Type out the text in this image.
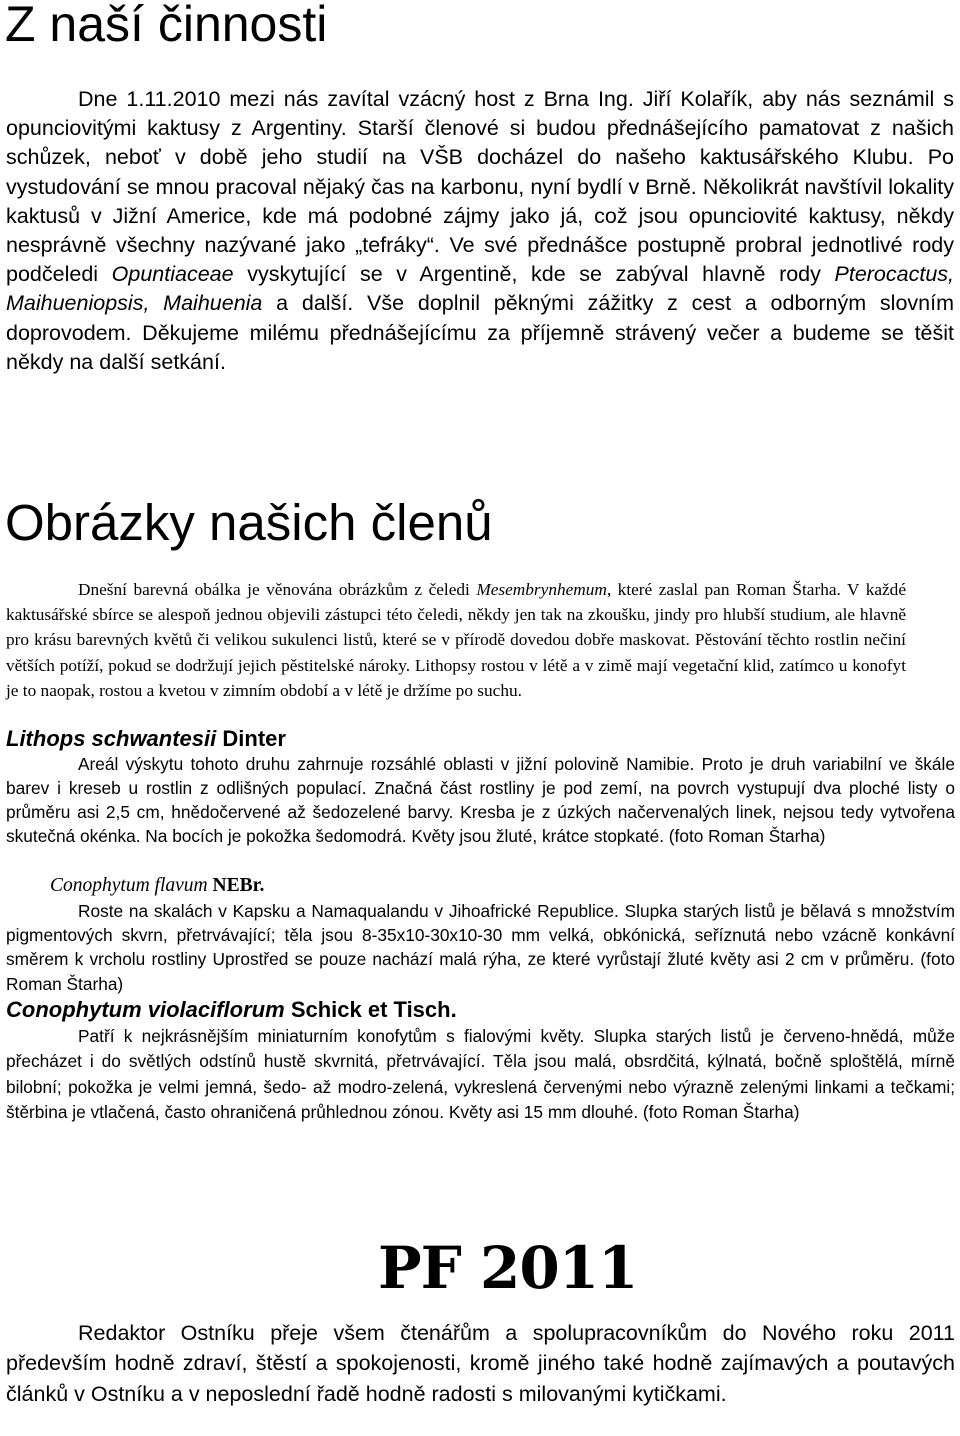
Z naší činnosti

Dne 1.11.2010 mezi nás zavítal vzácný host z Brna Ing. Jiří Kolařík, aby nás seznámil s opunciovitými kaktusy z Argentiny. Starší členové si budou přednášejícího pamatovat z našich schůzek, neboť v době jeho studií na VŠB docházel do našeho kaktusářského Klubu. Po vystudování se mnou pracoval nějaký čas na karbonu, nyní bydlí v Brně. Několikrát navštívil lokality kaktusů v Jižní Americe, kde má podobné zájmy jako já, což jsou opunciovité kaktusy, někdy nesprávně všechny nazývané jako „tefráky“. Ve své přednášce postupně probral jednotlivé rody podčeledi Opuntiaceae vyskytující se v Argentině, kde se zabýval hlavně rody Pterocactus, Maihueniopsis, Maihuenia a další. Vše doplnil pěknými zážitky z cest a odborným slovním doprovodem. Děkujeme milému přednášejícímu za příjemně strávený večer a budeme se těšit někdy na další setkání.

Obrázky našich členů

Dnešní barevná obálka je věnována obrázkům z čeledi Mesembrynhemum, které zaslal pan Roman Štarha. V každé kaktusářské sbírce se alespoň jednou objevili zástupci této čeledi, někdy jen tak na zkoušku, jindy pro hlubší studium, ale hlavně pro krásu barevných květů či velikou sukulenci listů, které se v přírodě dovedou dobře maskovat. Pěstování těchto rostlin nečiní větších potíží, pokud se dodržují jejich pěstitelské nároky. Lithopsy rostou v létě a v zimě mají vegetační klid, zatímco u konofyt je to naopak, rostou a kvetou v zimním období a v létě je držíme po suchu.

Lithops schwantesii Dinter

Areál výskytu tohoto druhu zahrnuje rozsáhlé oblasti v jižní polovině Namibie. Proto je druh variabilní ve škále barev i kreseb u rostlin z odlišných populací. Značná část rostliny je pod zemí, na povrch vystupují dva ploché listy o průměru asi 2,5 cm, hnědočervené až šedozelené barvy. Kresba je z úzkých načervenalých linek, nejsou tedy vytvořena skutečná okénka. Na bocích je pokožka šedomodrá. Květy jsou žluté, krátce stopkaté. (foto Roman Štarha)

Conophytum flavum NEBr.

Roste na skalách v Kapsku a Namaqualandu v Jihoafrické Republice. Slupka starých listů je bělavá s množstvím pigmentových skvrn, přetrvávající; těla jsou 8-35x10-30x10-30 mm velká, obkónická, seříznutá nebo vzácně konkávní směrem k vrcholu rostliny Uprostřed se pouze nachází malá rýha, ze které vyrůstají žluté květy asi 2 cm v průměru. (foto Roman Štarha)

Conophytum violaciflorum Schick et Tisch.

Patří k nejkrásnějším miniaturním konofytům s fialovými květy. Slupka starých listů je červeno-hnědá, může přecházet i do světlých odstínů hustě skvrnitá, přetrvávající. Těla jsou malá, obsrdčitá, kýlnatá, bočně sploštělá, mírně bilobní; pokožka je velmi jemná, šedo- až modro-zelená, vykreslená červenými nebo výrazně zelenými linkami a tečkami; štěrbina je vtlačená, často ohraničená průhlednou zónou. Květy asi 15 mm dlouhé. (foto Roman Štarha)

PF 2011

Redaktor Ostníku přeje všem čtenářům a spolupracovníkům do Nového roku 2011 především hodně zdraví, štěstí a spokojenosti, kromě jiného také hodně zajímavých a poutavých článků v Ostníku a v neposlední řadě hodně radosti s milovanými kytičkami.
